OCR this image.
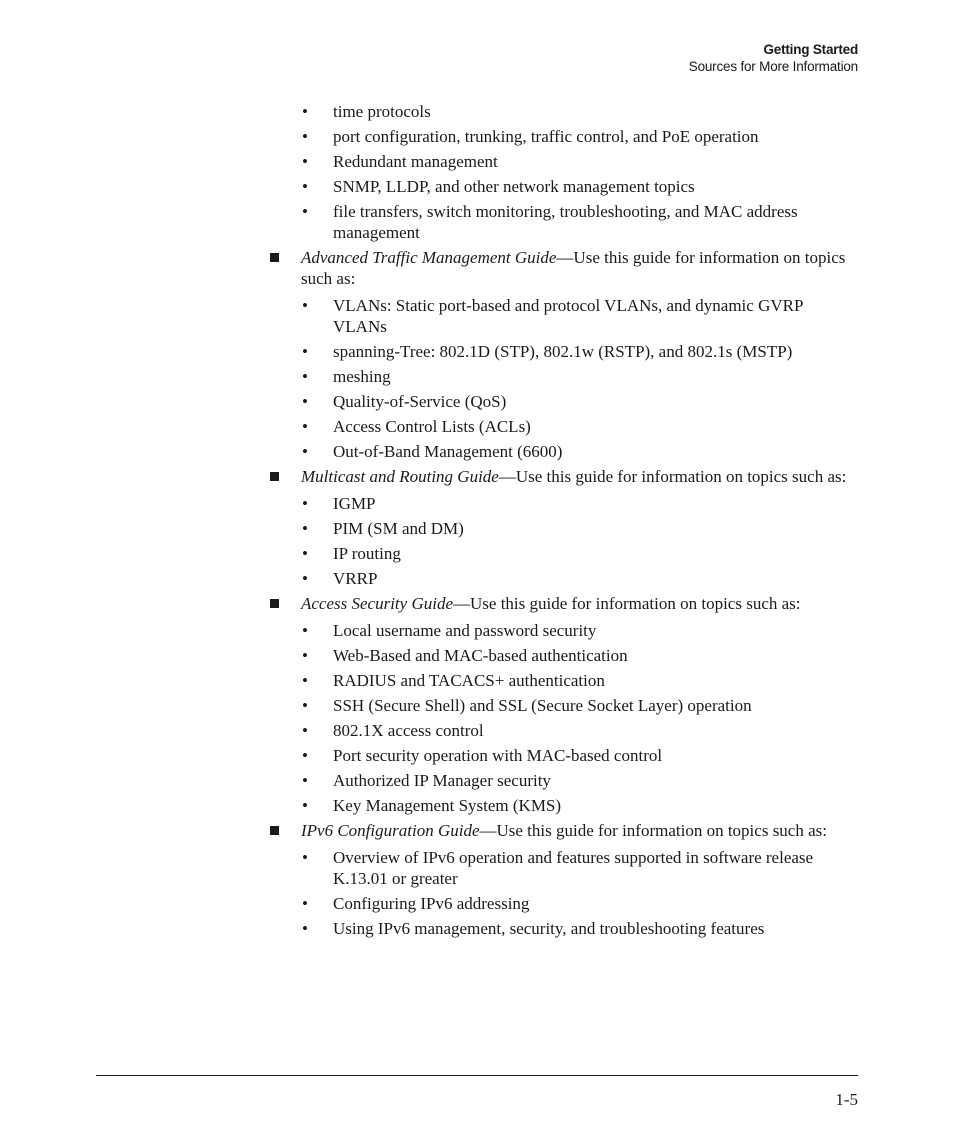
Getting Started
Sources for More Information
• time protocols
• port configuration, trunking, traffic control, and PoE operation
• Redundant management
• SNMP, LLDP, and other network management topics
• file transfers, switch monitoring, troubleshooting, and MAC address management
Advanced Traffic Management Guide—Use this guide for information on topics such as:
• VLANs: Static port-based and protocol VLANs, and dynamic GVRP VLANs
• spanning-Tree: 802.1D (STP), 802.1w (RSTP), and 802.1s (MSTP)
• meshing
• Quality-of-Service (QoS)
• Access Control Lists (ACLs)
• Out-of-Band Management (6600)
Multicast and Routing Guide—Use this guide for information on topics such as:
• IGMP
• PIM (SM and DM)
• IP routing
• VRRP
Access Security Guide—Use this guide for information on topics such as:
• Local username and password security
• Web-Based and MAC-based authentication
• RADIUS and TACACS+ authentication
• SSH (Secure Shell) and SSL (Secure Socket Layer) operation
• 802.1X access control
• Port security operation with MAC-based control
• Authorized IP Manager security
• Key Management System (KMS)
IPv6 Configuration Guide—Use this guide for information on topics such as:
• Overview of IPv6 operation and features supported in software release K.13.01 or greater
• Configuring IPv6 addressing
• Using IPv6 management, security, and troubleshooting features
1-5
